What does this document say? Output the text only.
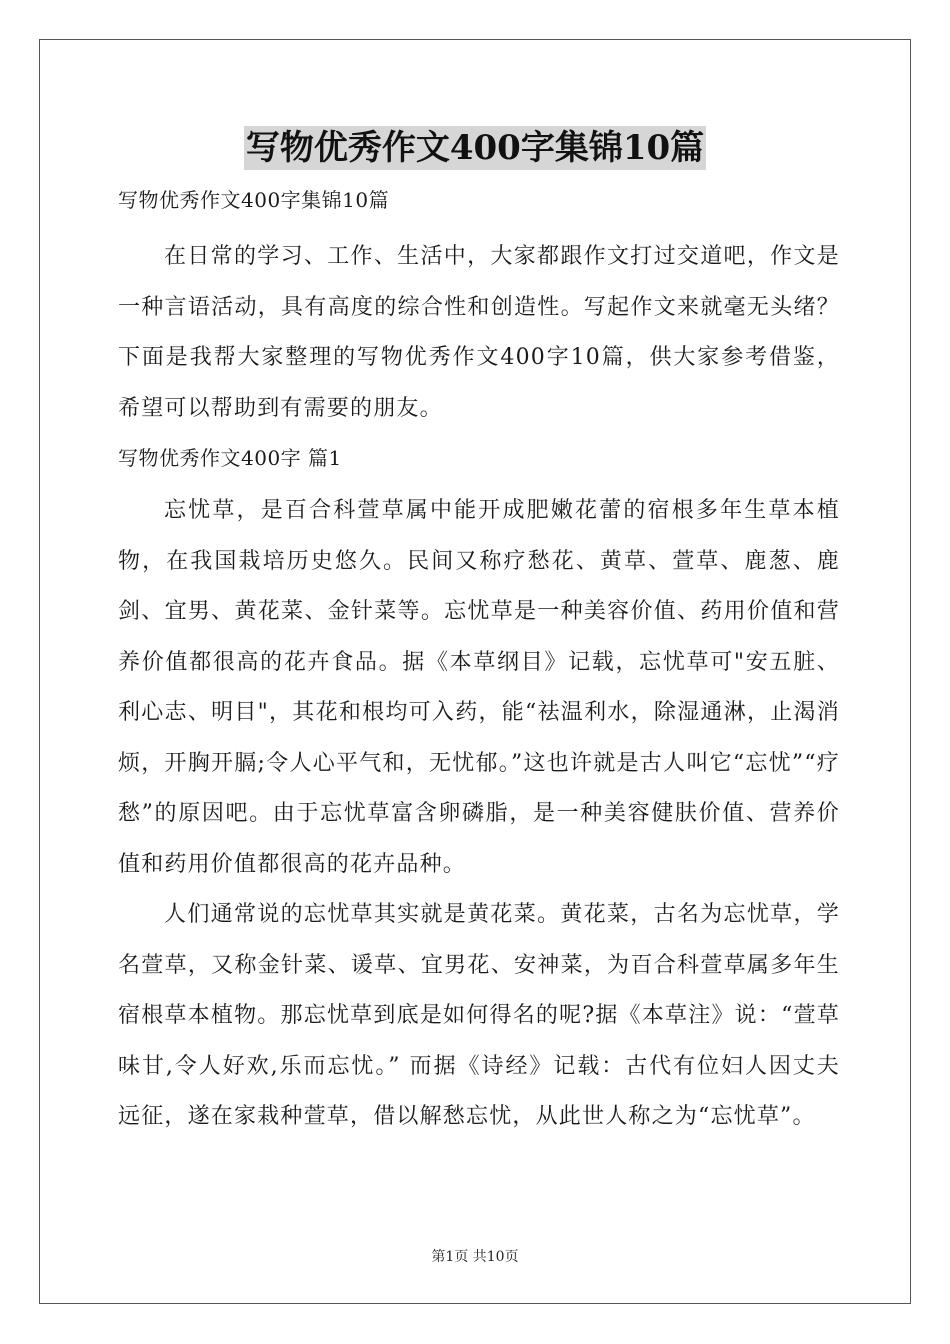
写物优秀作文400字集锦10篇
写物优秀作文400字集锦10篇

在日常的学习、工作、生活中，大家都跟作文打过交道吧，作文是一种言语活动，具有高度的综合性和创造性。写起作文来就毫无头绪？下面是我帮大家整理的写物优秀作文400字10篇，供大家参考借鉴，希望可以帮助到有需要的朋友。

写物优秀作文400字 篇1

忘忧草，是百合科萱草属中能开成肥嫩花蕾的宿根多年生草本植物，在我国栽培历史悠久。民间又称疗愁花、黄草、萱草、鹿葱、鹿剑、宜男、黄花菜、金针菜等。忘忧草是一种美容价值、药用价值和营养价值都很高的花卉食品。据《本草纲目》记载，忘忧草可"安五脏、利心志、明目"，其花和根均可入药，能“祛温利水，除湿通淋，止渴消烦，开胸开膈;令人心平气和，无忧郁。”这也许就是古人叫它“忘忧”“疗愁”的原因吧。由于忘忧草富含卵磷脂，是一种美容健肤价值、营养价值和药用价值都很高的花卉品种。

人们通常说的忘忧草其实就是黄花菜。黄花菜，古名为忘忧草，学名萱草，又称金针菜、谖草、宜男花、安神菜，为百合科萱草属多年生宿根草本植物。那忘忧草到底是如何得名的呢?据《本草注》说：“萱草味甘,令人好欢,乐而忘忧。” 而据《诗经》记载：古代有位妇人因丈夫远征，遂在家栽种萱草，借以解愁忘忧，从此世人称之为“忘忧草”。

第1页 共10页
